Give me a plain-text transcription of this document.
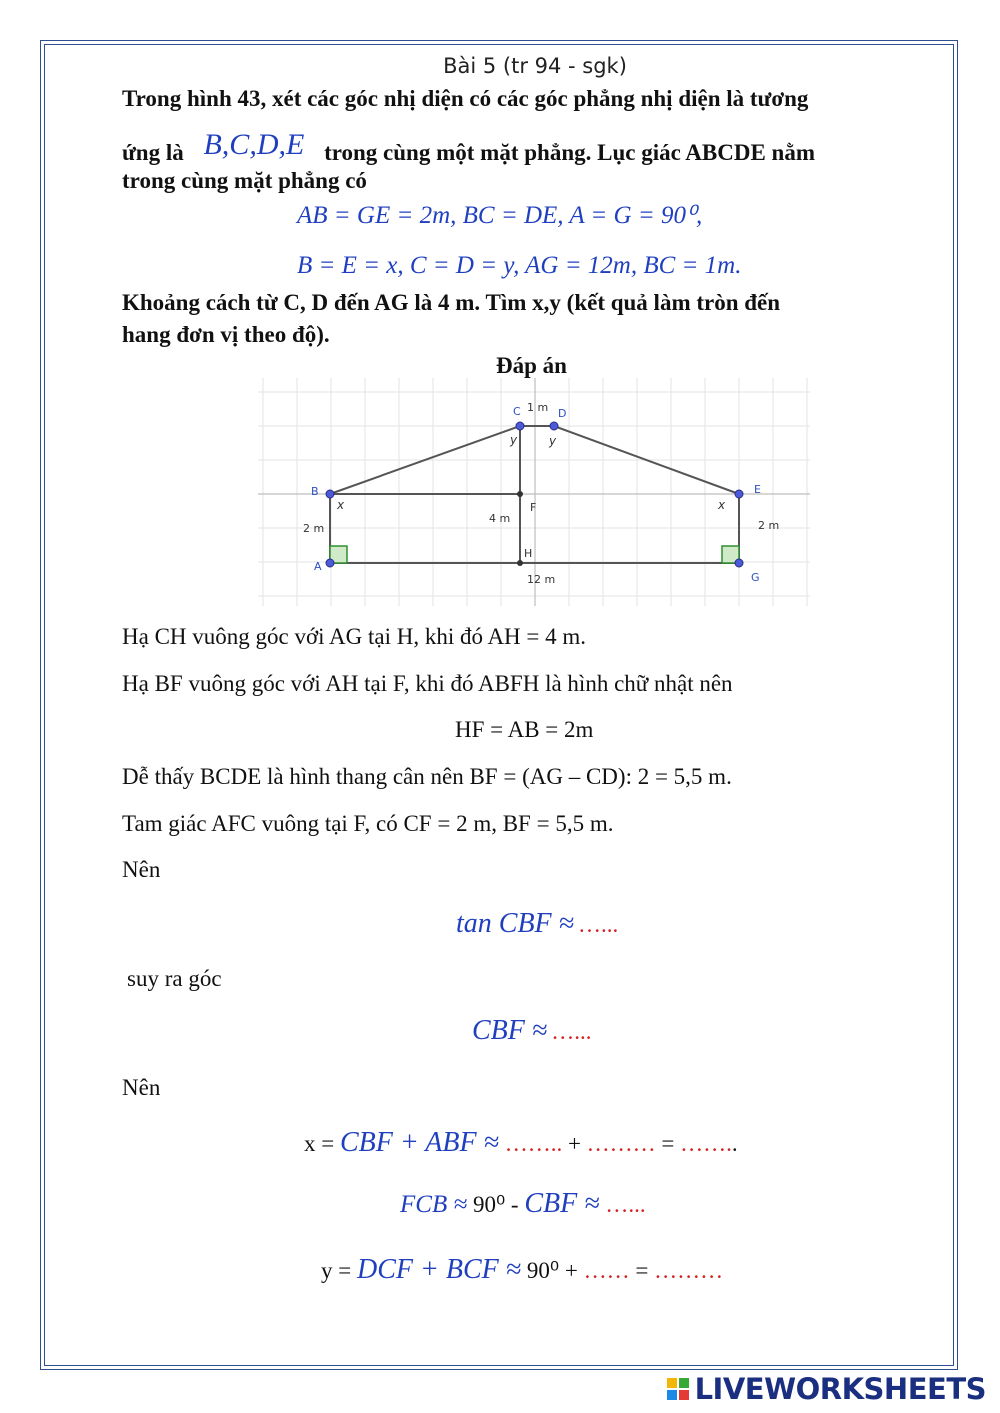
Bài 5 (tr 94 - sgk)
Trong hình 43, xét các góc nhị diện có các góc phẳng nhị diện là tương
ứng là B,C,D,E trong cùng một mặt phẳng. Lục giác ABCDE nằm
trong cùng mặt phẳng có
AB = GE = 2m, BC = DE, A = G = 90⁰,
B = E = x, C = D = y, AG = 12m, BC = 1m.
Khoảng cách từ C, D đến AG là 4 m. Tìm x,y (kết quả làm tròn đến
hang đơn vị theo độ).
Đáp án
B
A
C	D
E
G
F
H
1 m
2 m
4 m
2 m
12 m
x	x
y	y
Hạ CH vuông góc với AG tại H, khi đó AH = 4 m.
Hạ BF vuông góc với AH tại F, khi đó ABFH là hình chữ nhật nên
HF = AB = 2m
Dễ thấy BCDE là hình thang cân nên BF = (AG – CD): 2 = 5,5 m.
Tam giác AFC vuông tại F, có CF = 2 m, BF = 5,5 m.
Nên
tan CBF ≈ …...
suy ra góc
CBF ≈ …...
Nên
x = CBF + ABF ≈ …….. + ……… = ……..
FCB ≈ 90⁰ - CBF ≈ …...
y = DCF + BCF ≈ 90⁰ + …… = ………
LIVEWORKSHEETS
